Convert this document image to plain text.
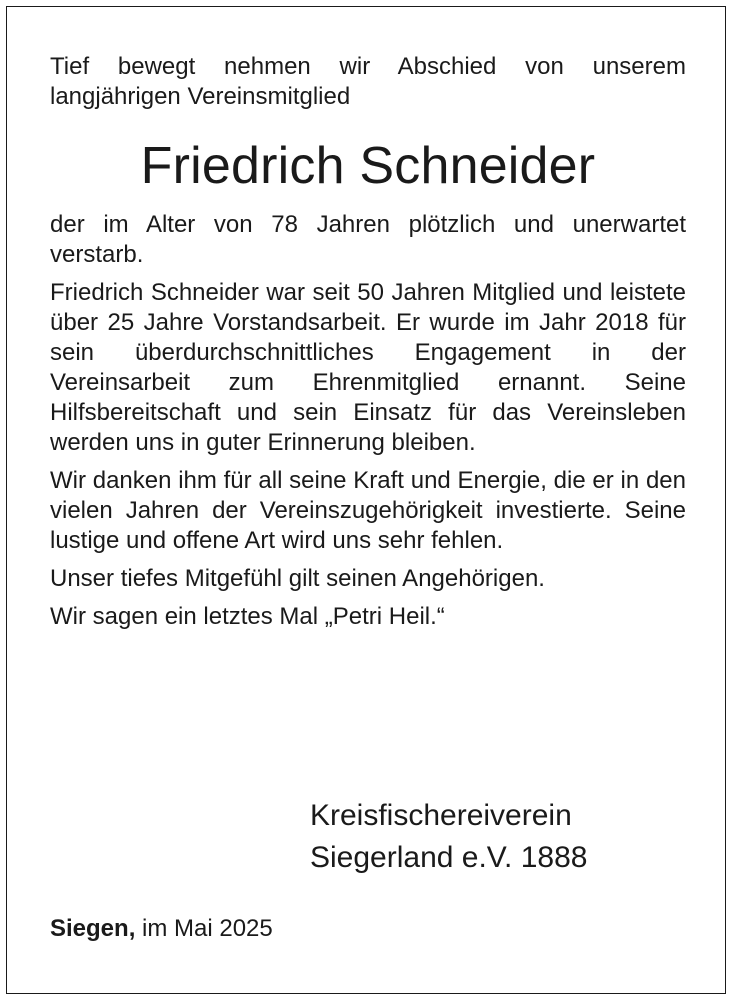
Tief bewegt nehmen wir Abschied von unserem langjährigen Vereinsmitglied

Friedrich Schneider

der im Alter von 78 Jahren plötzlich und unerwartet verstarb.

Friedrich Schneider war seit 50 Jahren Mitglied und leistete über 25 Jahre Vorstandsarbeit. Er wurde im Jahr 2018 für sein überdurchschnittliches Engagement in der Vereinsarbeit zum Ehrenmitglied ernannt. Seine Hilfsbereitschaft und sein Einsatz für das Vereinsleben werden uns in guter Erinnerung bleiben.

Wir danken ihm für all seine Kraft und Energie, die er in den vielen Jahren der Vereinszugehörigkeit investierte. Seine lustige und offene Art wird uns sehr fehlen.

Unser tiefes Mitgefühl gilt seinen Angehörigen.

Wir sagen ein letztes Mal „Petri Heil.“

Kreisfischereiverein
Siegerland e.V. 1888
Siegen, im Mai 2025
